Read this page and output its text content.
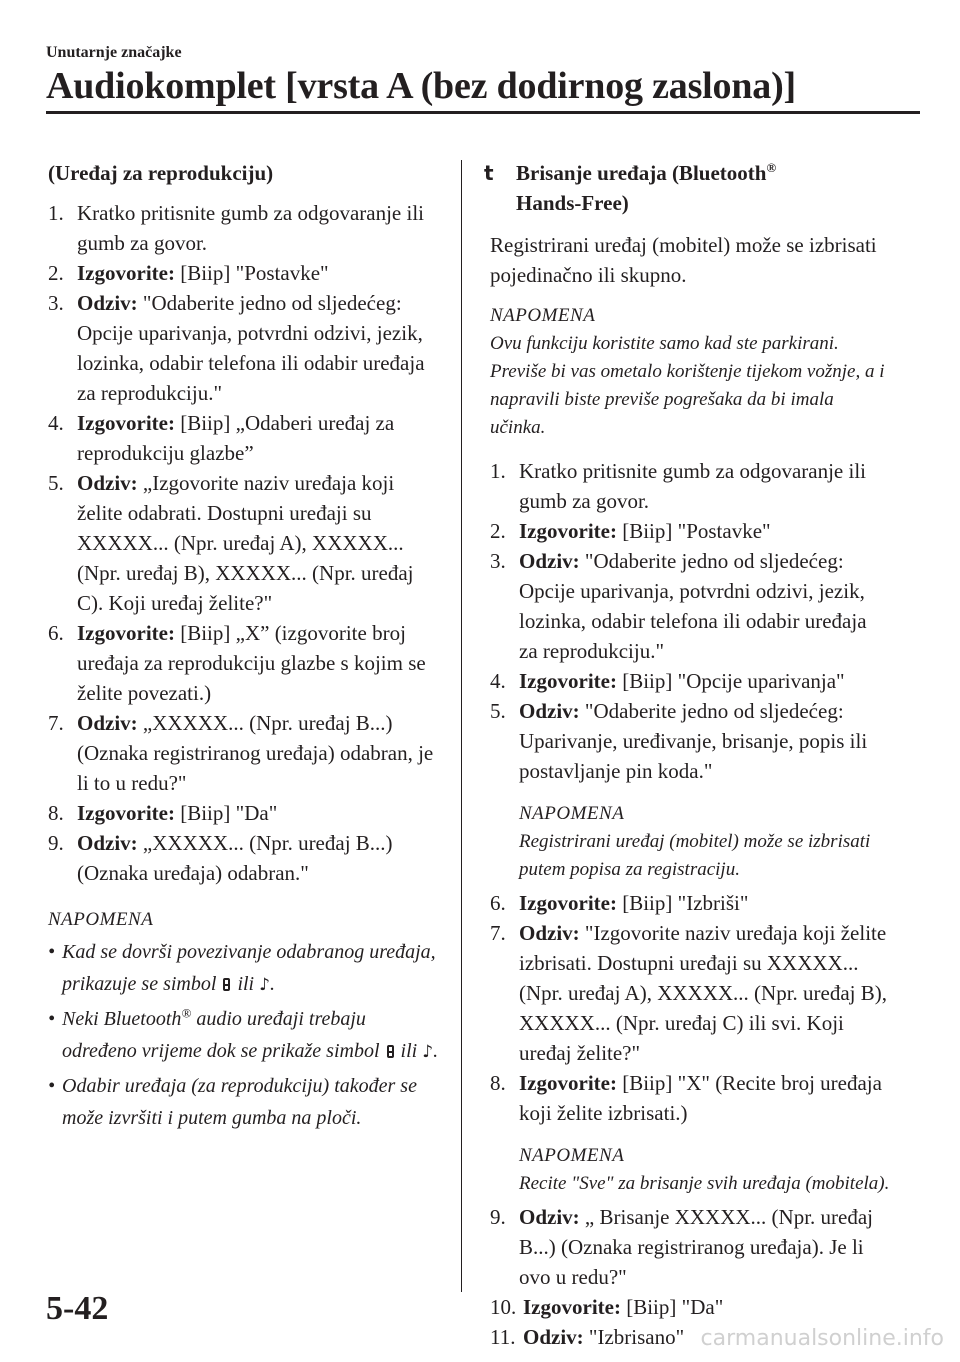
Unutarnje značajke
Audiokomplet [vrsta A (bez dodirnog zaslona)]
(Uređaj za reprodukciju)
1. Kratko pritisnite gumb za odgovaranje ili gumb za govor.
2. Izgovorite: [Biip] "Postavke"
3. Odziv: "Odaberite jedno od sljedećeg: Opcije uparivanja, potvrdni odzivi, jezik, lozinka, odabir telefona ili odabir uređaja za reprodukciju."
4. Izgovorite: [Biip] „Odaberi uređaj za reprodukciju glazbe”
5. Odziv: „Izgovorite naziv uređaja koji želite odabrati. Dostupni uređaji su XXXXX... (Npr. uređaj A), XXXXX... (Npr. uređaj B), XXXXX... (Npr. uređaj C). Koji uređaj želite?"
6. Izgovorite: [Biip] „X” (izgovorite broj uređaja za reprodukciju glazbe s kojim se želite povezati.)
7. Odziv: „XXXXX... (Npr. uređaj B...) (Oznaka registriranog uređaja) odabran, je li to u redu?"
8. Izgovorite: [Biip] "Da"
9. Odziv: „XXXXX... (Npr. uređaj B...) (Oznaka uređaja) odabran."
NAPOMENA
• Kad se dovrši povezivanje odabranog uređaja, prikazuje se simbol  ili ♪.
• Neki Bluetooth® audio uređaji trebaju određeno vrijeme dok se prikaže simbol  ili ♪.
• Odabir uređaja (za reprodukciju) također se može izvršiti i putem gumba na ploči.
t Brisanje uređaja (Bluetooth®
Hands-Free)
Registrirani uređaj (mobitel) može se izbrisati pojedinačno ili skupno.
NAPOMENA
Ovu funkciju koristite samo kad ste parkirani. Previše bi vas ometalo korištenje tijekom vožnje, a i napravili biste previše pogrešaka da bi imala učinka.
1. Kratko pritisnite gumb za odgovaranje ili gumb za govor.
2. Izgovorite: [Biip] "Postavke"
3. Odziv: "Odaberite jedno od sljedećeg: Opcije uparivanja, potvrdni odzivi, jezik, lozinka, odabir telefona ili odabir uređaja za reprodukciju."
4. Izgovorite: [Biip] "Opcije uparivanja"
5. Odziv: "Odaberite jedno od sljedećeg: Uparivanje, uređivanje, brisanje, popis ili postavljanje pin koda."
NAPOMENA
Registrirani uređaj (mobitel) može se izbrisati putem popisa za registraciju.
6. Izgovorite: [Biip] "Izbriši"
7. Odziv: "Izgovorite naziv uređaja koji želite izbrisati. Dostupni uređaji su XXXXX... (Npr. uređaj A), XXXXX... (Npr. uređaj B), XXXXX... (Npr. uređaj C) ili svi. Koji uređaj želite?"
8. Izgovorite: [Biip] "X" (Recite broj uređaja koji želite izbrisati.)
NAPOMENA
Recite "Sve" za brisanje svih uređaja (mobitela).
9. Odziv: „ Brisanje XXXXX... (Npr. uređaj B...) (Oznaka registriranog uređaja). Je li ovo u redu?"
10. Izgovorite: [Biip] "Da"
11. Odziv: "Izbrisano"
5-42
carmanualsonline.info
